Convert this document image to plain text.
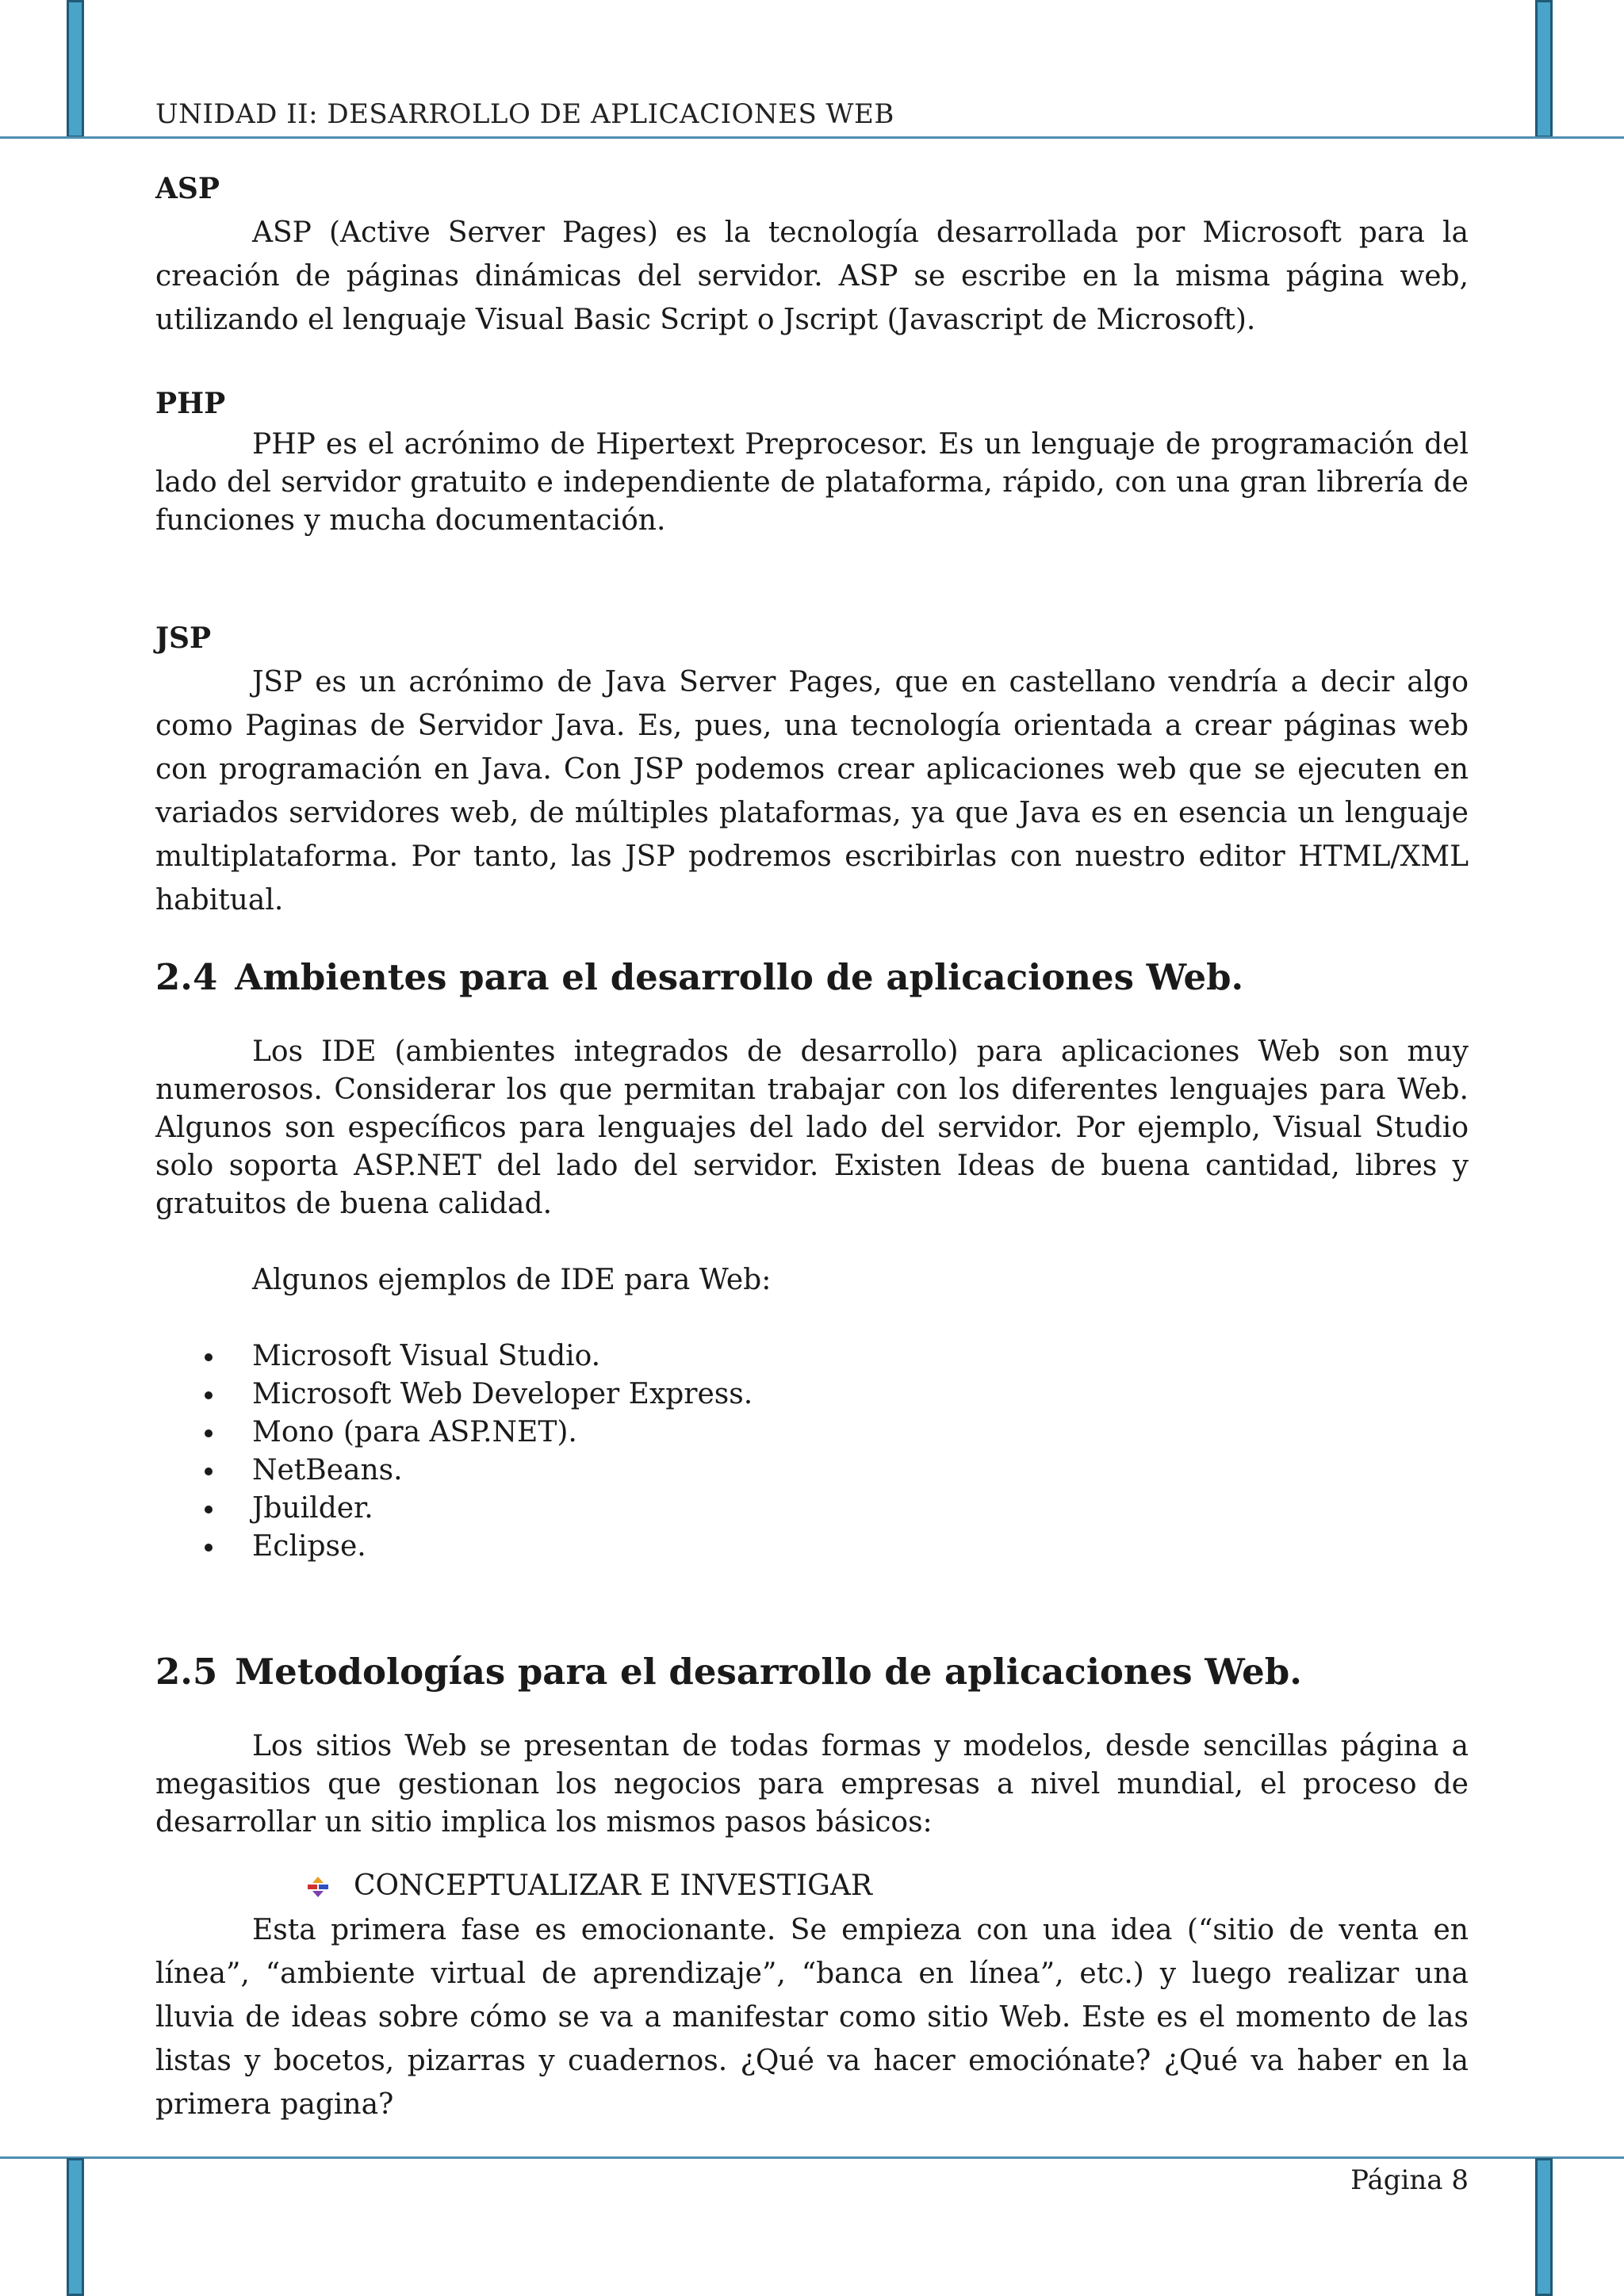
UNIDAD II: DESARROLLO DE APLICACIONES WEB

ASP

ASP (Active Server Pages) es la tecnología desarrollada por Microsoft para la creación de páginas dinámicas del servidor. ASP se escribe en la misma página web, utilizando el lenguaje Visual Basic Script o Jscript (Javascript de Microsoft).

PHP

PHP es el acrónimo de Hipertext Preprocesor. Es un lenguaje de programación del lado del servidor gratuito e independiente de plataforma, rápido, con una gran librería de funciones y mucha documentación.

JSP

JSP es un acrónimo de Java Server Pages, que en castellano vendría a decir algo como Paginas de Servidor Java. Es, pues, una tecnología orientada a crear páginas web con programación en Java. Con JSP podemos crear aplicaciones web que se ejecuten en variados servidores web, de múltiples plataformas, ya que Java es en esencia un lenguaje multiplataforma. Por tanto, las JSP podremos escribirlas con nuestro editor HTML/XML habitual.

2.4 Ambientes para el desarrollo de aplicaciones Web.

Los IDE (ambientes integrados de desarrollo) para aplicaciones Web son muy numerosos. Considerar los que permitan trabajar con los diferentes lenguajes para Web. Algunos son específicos para lenguajes del lado del servidor. Por ejemplo, Visual Studio solo soporta ASP.NET del lado del servidor. Existen Ideas de buena cantidad, libres y gratuitos de buena calidad.

Algunos ejemplos de IDE para Web:

Microsoft Visual Studio.
Microsoft Web Developer Express.
Mono (para ASP.NET).
NetBeans.
Jbuilder.
Eclipse.

2.5 Metodologías para el desarrollo de aplicaciones Web.

Los sitios Web se presentan de todas formas y modelos, desde sencillas página a megasitios que gestionan los negocios para empresas a nivel mundial, el proceso de desarrollar un sitio implica los mismos pasos básicos:

CONCEPTUALIZAR E INVESTIGAR

Esta primera fase es emocionante. Se empieza con una idea (“sitio de venta en línea”, “ambiente virtual de aprendizaje”, “banca en línea”, etc.) y luego realizar una lluvia de ideas sobre cómo se va a manifestar como sitio Web. Este es el momento de las listas y bocetos, pizarras y cuadernos. ¿Qué va hacer emociónate? ¿Qué va haber en la primera pagina?

Página 8
